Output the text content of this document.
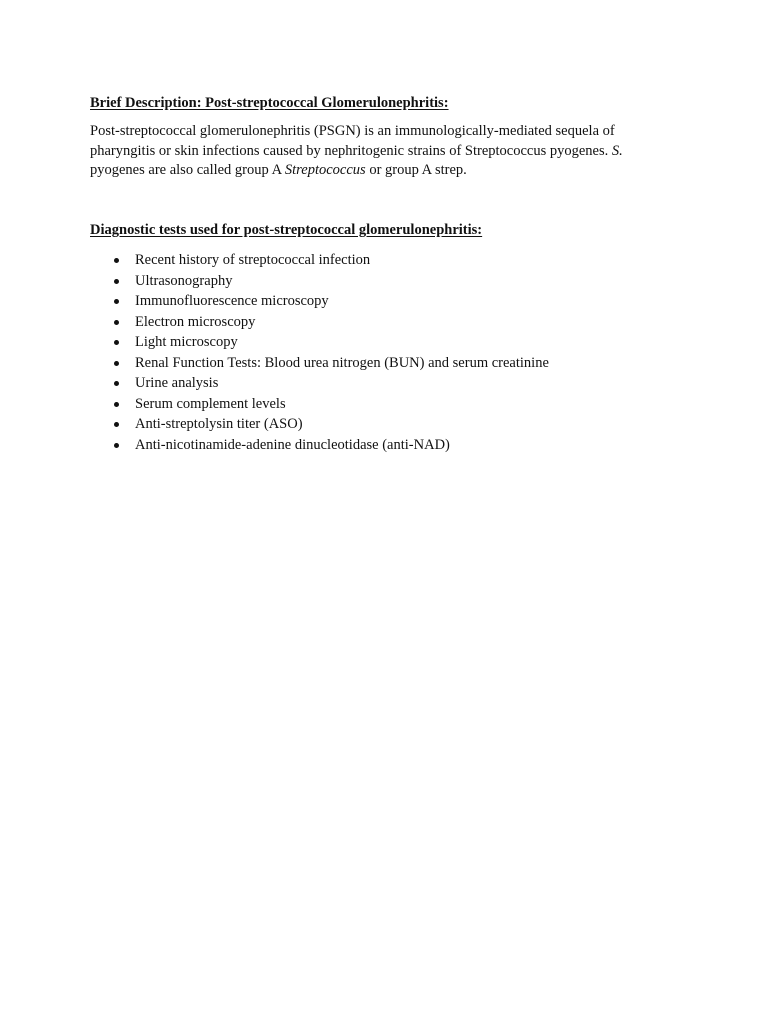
Brief Description: Post-streptococcal Glomerulonephritis:
Post-streptococcal glomerulonephritis (PSGN) is an immunologically-mediated sequela of
pharyngitis or skin infections caused by nephritogenic strains of Streptococcus pyogenes. S.
pyogenes are also called group A Streptococcus or group A strep.
Diagnostic tests used for post-streptococcal glomerulonephritis:
Recent history of streptococcal infection
Ultrasonography
Immunofluorescence microscopy
Electron microscopy
Light microscopy
Renal Function Tests: Blood urea nitrogen (BUN) and serum creatinine
Urine analysis
Serum complement levels
Anti-streptolysin titer (ASO)
Anti-nicotinamide-adenine dinucleotidase (anti-NAD)
